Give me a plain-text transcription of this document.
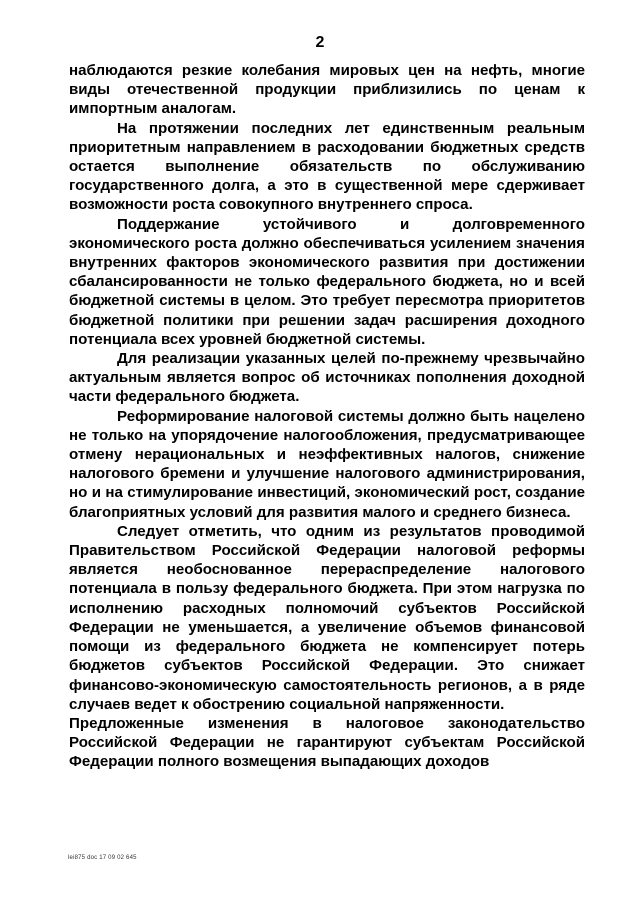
2

наблюдаются резкие колебания мировых цен на нефть, многие виды отечественной продукции приблизились по ценам к импортным аналогам.

На протяжении последних лет единственным реальным приоритетным направлением в расходовании бюджетных средств остается выполнение обязательств по обслуживанию государственного долга, а это в существенной мере сдерживает возможности роста совокупного внутреннего спроса.

Поддержание устойчивого и долговременного экономического роста должно обеспечиваться усилением значения внутренних факторов экономического развития при достижении сбалансированности не только федерального бюджета, но и всей бюджетной системы в целом. Это требует пересмотра приоритетов бюджетной политики при решении задач расширения доходного потенциала всех уровней бюджетной системы.

Для реализации указанных целей по-прежнему чрезвычайно актуальным является вопрос об источниках пополнения доходной части федерального бюджета.

Реформирование налоговой системы должно быть нацелено не только на упорядочение налогообложения, предусматривающее отмену нерациональных и неэффективных налогов, снижение налогового бремени и улучшение налогового администрирования, но и на стимулирование инвестиций, экономический рост, создание благоприятных условий для развития малого и среднего бизнеса.

Следует отметить, что одним из результатов проводимой Правительством Российской Федерации налоговой реформы является необоснованное перераспределение налогового потенциала в пользу федерального бюджета. При этом нагрузка по исполнению расходных полномочий субъектов Российской Федерации не уменьшается, а увеличение объемов финансовой помощи из федерального бюджета не компенсирует потерь бюджетов субъектов Российской Федерации. Это снижает финансово-экономическую самостоятельность регионов, а в ряде случаев ведет к обострению социальной напряженности.

Предложенные изменения в налоговое законодательство Российской Федерации не гарантируют субъектам Российской Федерации полного возмещения выпадающих доходов

lei875 doc 17 09 02 645
